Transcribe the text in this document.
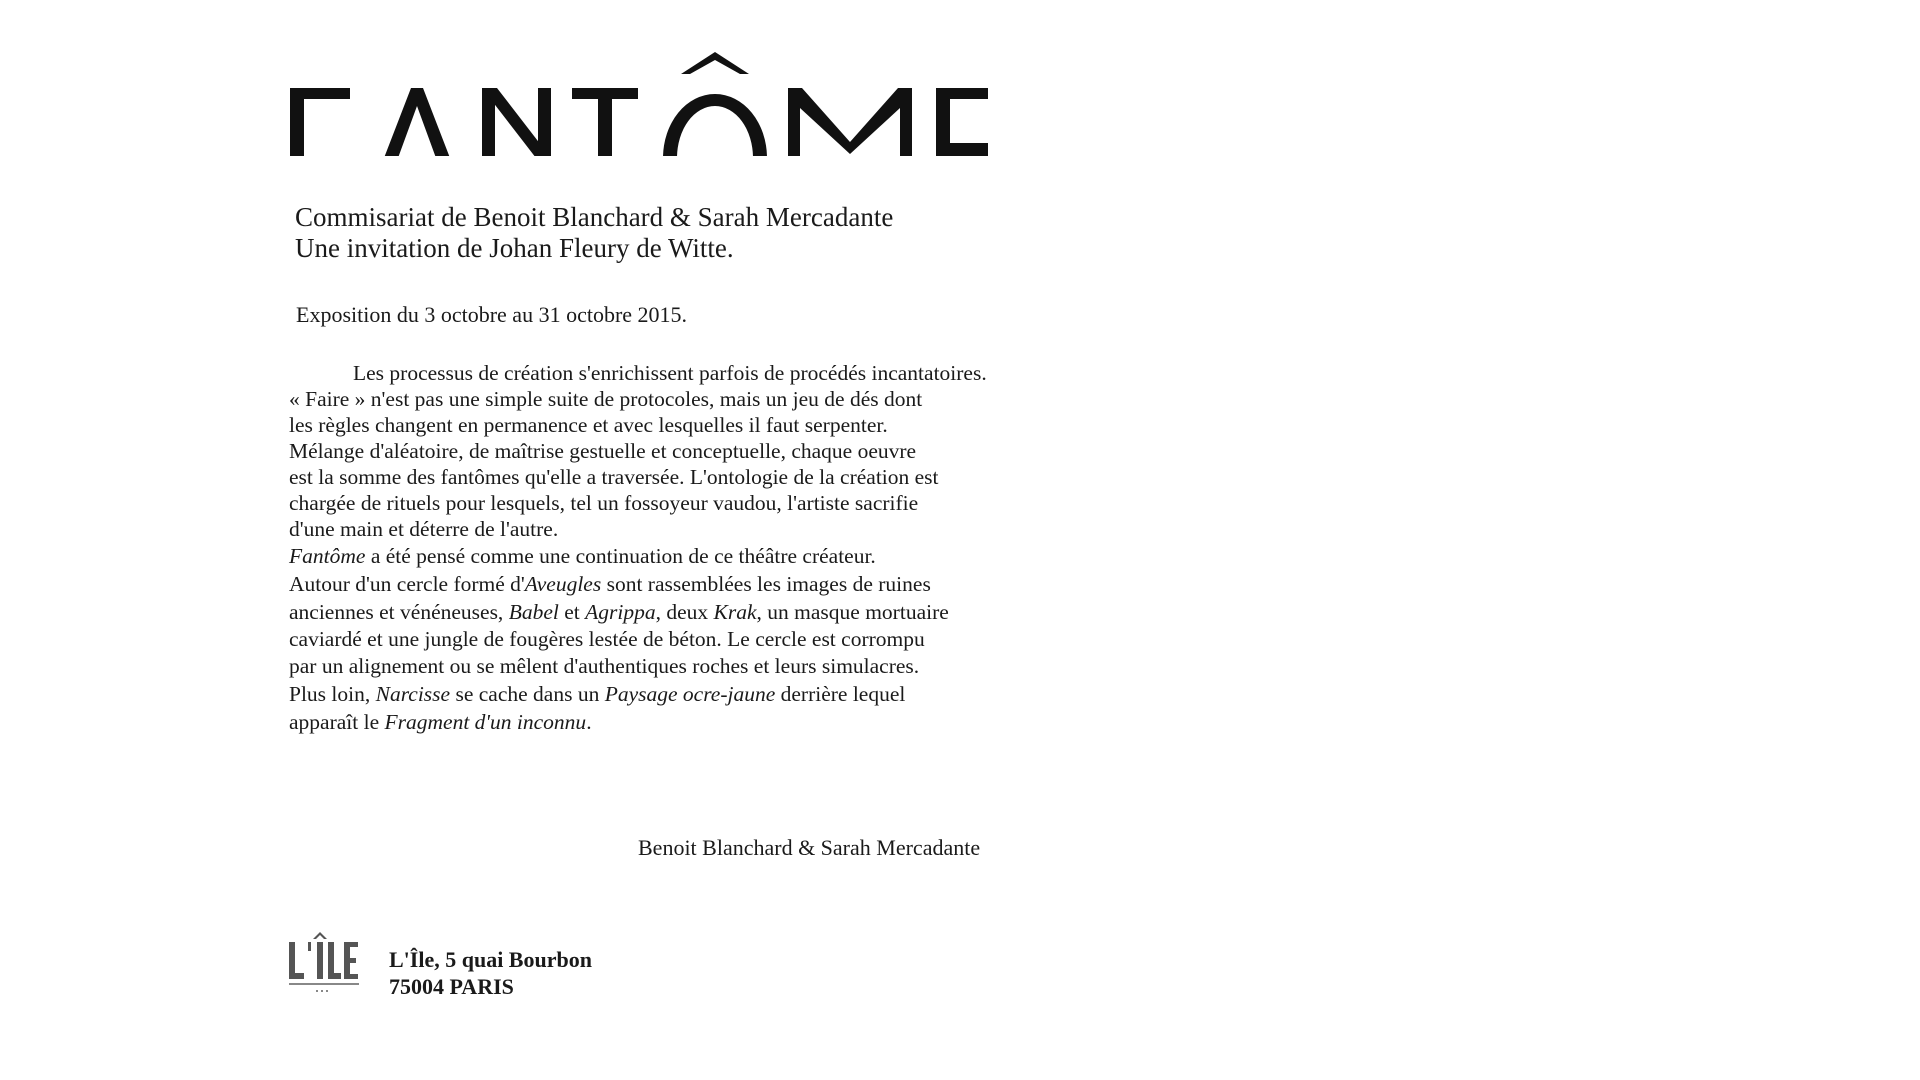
Commisariat de Benoit Blanchard & Sarah Mercadante
Une invitation de Johan Fleury de Witte.
Exposition du 3 octobre au 31 octobre 2015.
Les processus de création s'enrichissent parfois de procédés incantatoires.
« Faire » n'est pas une simple suite de protocoles, mais un jeu de dés dont
les règles changent en permanence et avec lesquelles il faut serpenter.
Mélange d'aléatoire, de maîtrise gestuelle et conceptuelle, chaque oeuvre
est la somme des fantômes qu'elle a traversée. L'ontologie de la création est
chargée de rituels pour lesquels, tel un fossoyeur vaudou, l'artiste sacrifie
d'une main et déterre de l'autre.
Fantôme a été pensé comme une continuation de ce théâtre créateur.
Autour d'un cercle formé d'Aveugles sont rassemblées les images de ruines
anciennes et vénéneuses, Babel et Agrippa, deux Krak, un masque mortuaire
caviardé et une jungle de fougères lestée de béton. Le cercle est corrompu
par un alignement ou se mêlent d'authentiques roches et leurs simulacres.
Plus loin, Narcisse se cache dans un Paysage ocre-jaune derrière lequel
apparaît le Fragment d'un inconnu.
Benoit Blanchard & Sarah Mercadante
L'Île, 5 quai Bourbon
75004 PARIS
